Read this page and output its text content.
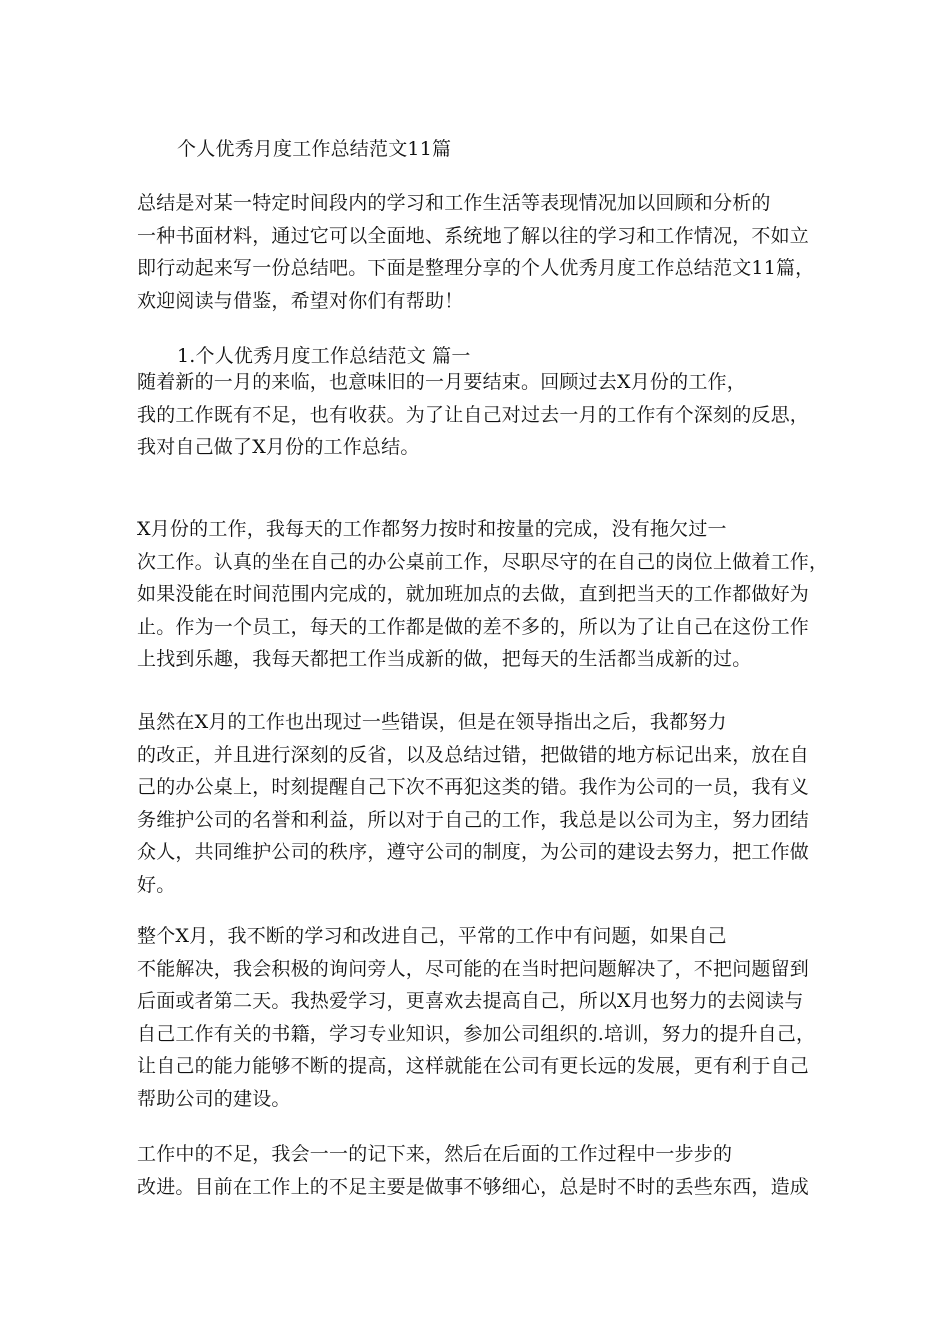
个人优秀月度工作总结范文11篇
总结是对某一特定时间段内的学习和工作生活等表现情况加以回顾和分析的
一种书面材料，通过它可以全面地、系统地了解以往的学习和工作情况，不如立
即行动起来写一份总结吧。下面是整理分享的个人优秀月度工作总结范文11篇，
欢迎阅读与借鉴，希望对你们有帮助！
1.个人优秀月度工作总结范文 篇一
随着新的一月的来临，也意味旧的一月要结束。回顾过去X月份的工作，
我的工作既有不足，也有收获。为了让自己对过去一月的工作有个深刻的反思，
我对自己做了X月份的工作总结。
X月份的工作，我每天的工作都努力按时和按量的完成，没有拖欠过一
次工作。认真的坐在自己的办公桌前工作，尽职尽守的在自己的岗位上做着工作，
如果没能在时间范围内完成的，就加班加点的去做，直到把当天的工作都做好为
止。作为一个员工，每天的工作都是做的差不多的，所以为了让自己在这份工作
上找到乐趣，我每天都把工作当成新的做，把每天的生活都当成新的过。
虽然在X月的工作也出现过一些错误，但是在领导指出之后，我都努力
的改正，并且进行深刻的反省，以及总结过错，把做错的地方标记出来，放在自
己的办公桌上，时刻提醒自己下次不再犯这类的错。我作为公司的一员，我有义
务维护公司的名誉和利益，所以对于自己的工作，我总是以公司为主，努力团结
众人，共同维护公司的秩序，遵守公司的制度，为公司的建设去努力，把工作做
好。
整个X月，我不断的学习和改进自己，平常的工作中有问题，如果自己
不能解决，我会积极的询问旁人，尽可能的在当时把问题解决了，不把问题留到
后面或者第二天。我热爱学习，更喜欢去提高自己，所以X月也努力的去阅读与
自己工作有关的书籍，学习专业知识，参加公司组织的.培训，努力的提升自己，
让自己的能力能够不断的提高，这样就能在公司有更长远的发展，更有利于自己
帮助公司的建设。
工作中的不足，我会一一的记下来，然后在后面的工作过程中一步步的
改进。目前在工作上的不足主要是做事不够细心，总是时不时的丢些东西，造成
